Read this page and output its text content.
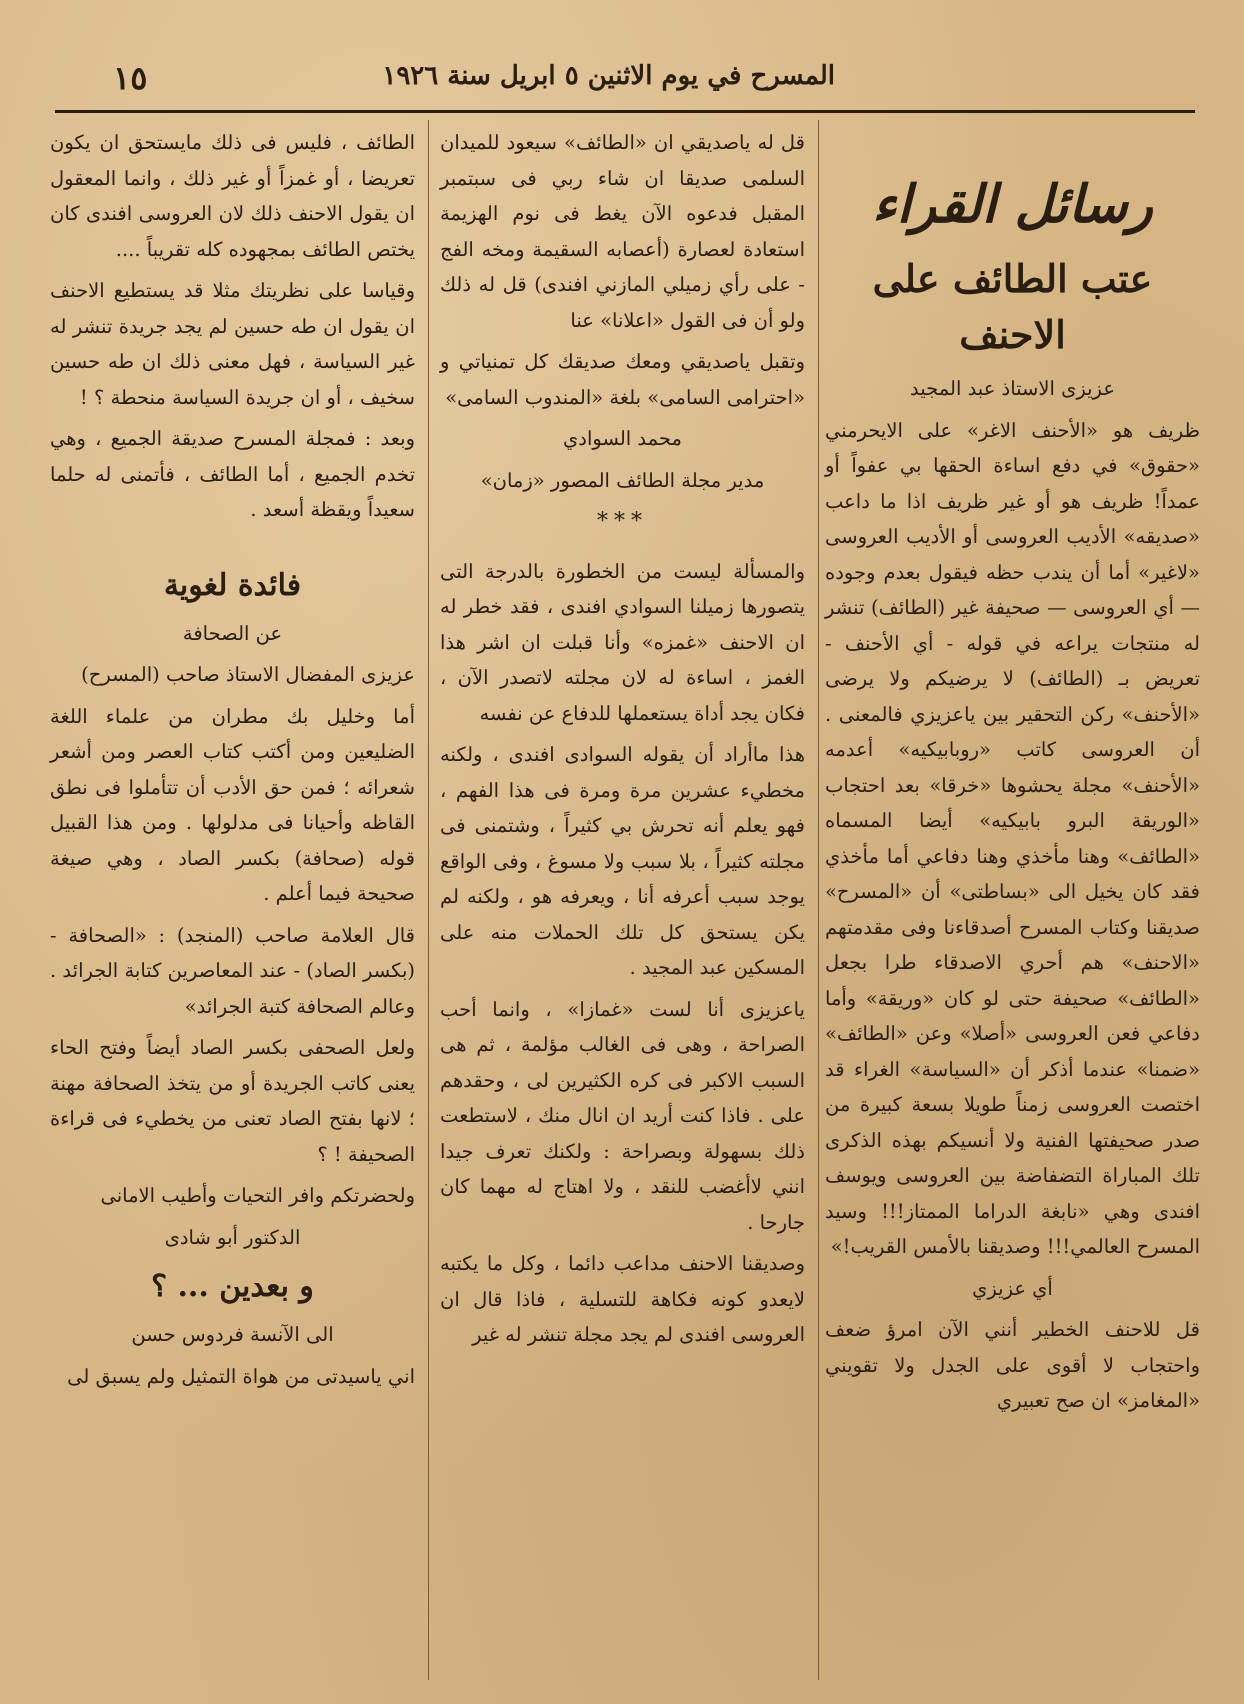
المسرح في يوم الاثنين ٥ ابريل سنة ١٩٢٦
١٥
رسائل القراء
عتب الطائف على الاحنف

عزيزى الاستاذ عبد المجيد

ظريف هو «الأحنف الاغر» على الايحرمني «حقوق» في دفع اساءة الحقها بي عفواً أو عمداً! ظريف هو أو غير ظريف اذا ما داعب «صديقه» الأديب العروسى أو الأديب العروسى «لاغير» أما أن يندب حظه فيقول بعدم وجوده — أي العروسى — صحيفة غير (الطائف) تنشر له منتجات يراعه في قوله - أي الأحنف - تعريض بـ (الطائف) لا يرضيكم ولا يرضى «الأحنف» ركن التحقير بين ياعزيزي فالمعنى . أن العروسى كاتب «روبابيكيه» أعدمه «الأحنف» مجلة يحشوها «خرقا» بعد احتجاب «الوريقة البرو بابيكيه» أيضا المسماه «الطائف» وهنا مأخذي وهنا دفاعي أما مأخذي فقد كان يخيل الى «بساطتى» أن «المسرح» صديقنا وكتاب المسرح أصدقاءنا وفى مقدمتهم «الاحنف» هم أحري الاصدقاء طرا بجعل «الطائف» صحيفة حتى لو كان «وريقة» وأما دفاعي فعن العروسى «أصلا» وعن «الطائف» «ضمنا» عندما أذكر أن «السياسة» الغراء قد اختصت العروسى زمناً طويلا بسعة كبيرة من صدر صحيفتها الفنية ولا أنسيكم بهذه الذكرى تلك المباراة التضفاضة بين العروسى ويوسف افندى وهي «نابغة الدراما الممتاز!!! وسيد المسرح العالمي!!! وصديقنا بالأمس القريب!»

أي عزيزي

قل للاحنف الخطير أنني الآن امرؤ ضعف واحتجاب لا أقوى على الجدل ولا تقويني «المغامز» ان صح تعبيري

قل له ياصديقي ان «الطائف» سيعود للميدان السلمى صديقا ان شاء ربي فى سبتمبر المقبل فدعوه الآن يغط فى نوم الهزيمة استعادة لعصارة (أعصابه السقيمة ومخه الفج - على رأي زميلي المازني افندى) قل له ذلك ولو أن فى القول «اعلانا» عنا

وتقبل ياصديقي ومعك صديقك كل تمنياتي و «احترامى السامى» بلغة «المندوب السامى»

محمد السوادي

مدير مجلة الطائف المصور «زمان»

***

والمسألة ليست من الخطورة بالدرجة التى يتصورها زميلنا السوادي افندى ، فقد خطر له ان الاحنف «غمزه» وأنا قبلت ان اشر هذا الغمز ، اساءة له لان مجلته لاتصدر الآن ، فكان يجد أداة يستعملها للدفاع عن نفسه

هذا ماأراد أن يقوله السوادى افندى ، ولكنه مخطيء عشرين مرة ومرة فى هذا الفهم ، فهو يعلم أنه تحرش بي كثيراً ، وشتمنى فى مجلته كثيراً ، بلا سبب ولا مسوغ ، وفى الواقع يوجد سبب أعرفه أنا ، ويعرفه هو ، ولكنه لم يكن يستحق كل تلك الحملات منه على المسكين عبد المجيد .

ياعزيزى أنا لست «غمازا» ، وانما أحب الصراحة ، وهى فى الغالب مؤلمة ، ثم هى السبب الاكبر فى كره الكثيرين لى ، وحقدهم على . فاذا كنت أريد ان انال منك ، لاستطعت ذلك بسهولة وبصراحة : ولكنك تعرف جيدا انني لاأغضب للنقد ، ولا اهتاج له مهما كان جارحا .

وصديقنا الاحنف مداعب دائما ، وكل ما يكتبه لايعدو كونه فكاهة للتسلية ، فاذا قال ان العروسى افندى لم يجد مجلة تنشر له غير

الطائف ، فليس فى ذلك مايستحق ان يكون تعريضا ، أو غمزاً أو غير ذلك ، وانما المعقول ان يقول الاحنف ذلك لان العروسى افندى كان يختص الطائف بمجهوده كله تقريباً ....

وقياسا على نظريتك مثلا قد يستطيع الاحنف ان يقول ان طه حسين لم يجد جريدة تنشر له غير السياسة ، فهل معنى ذلك ان طه حسين سخيف ، أو ان جريدة السياسة منحطة ؟ !

وبعد : فمجلة المسرح صديقة الجميع ، وهي تخدم الجميع ، أما الطائف ، فأتمنى له حلما سعيداً ويقظة أسعد .

فائدة لغوية

عن الصحافة

عزيزى المفضال الاستاذ صاحب (المسرح)

أما وخليل بك مطران من علماء اللغة الضليعين ومن أكتب كتاب العصر ومن أشعر شعرائه ؛ فمن حق الأدب أن تتأملوا فى نطق القاظه وأحيانا فى مدلولها . ومن هذا القبيل قوله (صحافة) بكسر الصاد ، وهي صيغة صحيحة فيما أعلم .

قال العلامة صاحب (المنجد) : «الصحافة - (بكسر الصاد) - عند المعاصرين كتابة الجرائد . وعالم الصحافة كتبة الجرائد»

ولعل الصحفى بكسر الصاد أيضاً وفتح الحاء يعنى كاتب الجريدة أو من يتخذ الصحافة مهنة ؛ لانها بفتح الصاد تعنى من يخطيء فى قراءة الصحيفة ! ؟

ولحضرتكم وافر التحيات وأطيب الامانى

الدكتور أبو شادى

و بعدين ... ؟

الى الآنسة فردوس حسن

اني ياسيدتى من هواة التمثيل ولم يسبق لى
